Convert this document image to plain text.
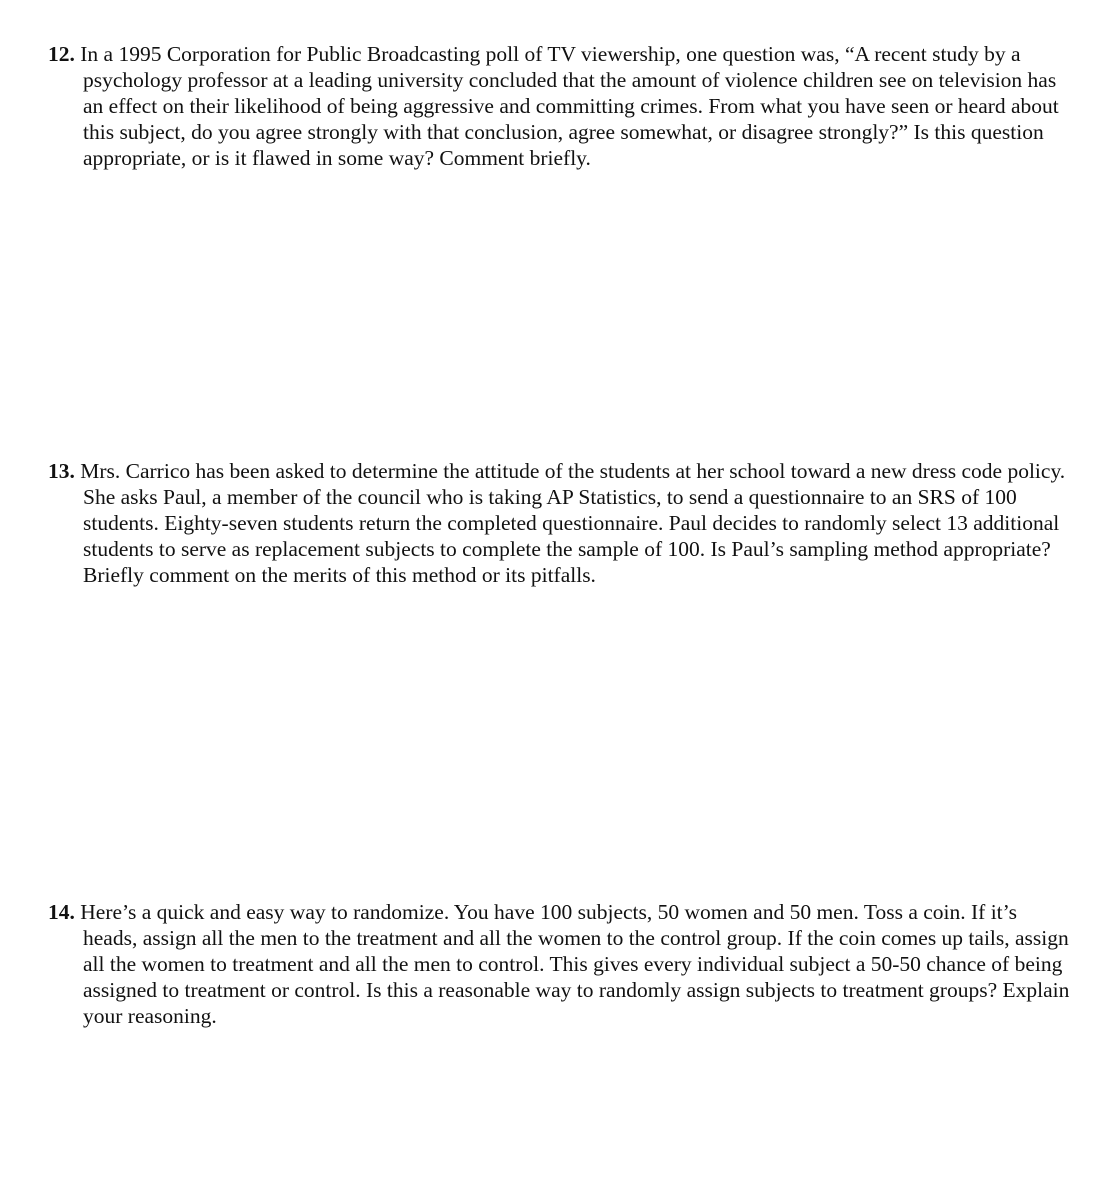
12. In a 1995 Corporation for Public Broadcasting poll of TV viewership, one question was, “A recent study by a psychology professor at a leading university concluded that the amount of violence children see on television has an effect on their likelihood of being aggressive and committing crimes. From what you have seen or heard about this subject, do you agree strongly with that conclusion, agree somewhat, or disagree strongly?” Is this question appropriate, or is it flawed in some way? Comment briefly.

13. Mrs. Carrico has been asked to determine the attitude of the students at her school toward a new dress code policy. She asks Paul, a member of the council who is taking AP Statistics, to send a questionnaire to an SRS of 100 students. Eighty-seven students return the completed questionnaire. Paul decides to randomly select 13 additional students to serve as replacement subjects to complete the sample of 100. Is Paul’s sampling method appropriate? Briefly comment on the merits of this method or its pitfalls.

14. Here’s a quick and easy way to randomize. You have 100 subjects, 50 women and 50 men. Toss a coin. If it’s heads, assign all the men to the treatment and all the women to the control group. If the coin comes up tails, assign all the women to treatment and all the men to control. This gives every individual subject a 50-50 chance of being assigned to treatment or control. Is this a reasonable way to randomly assign subjects to treatment groups? Explain your reasoning.
